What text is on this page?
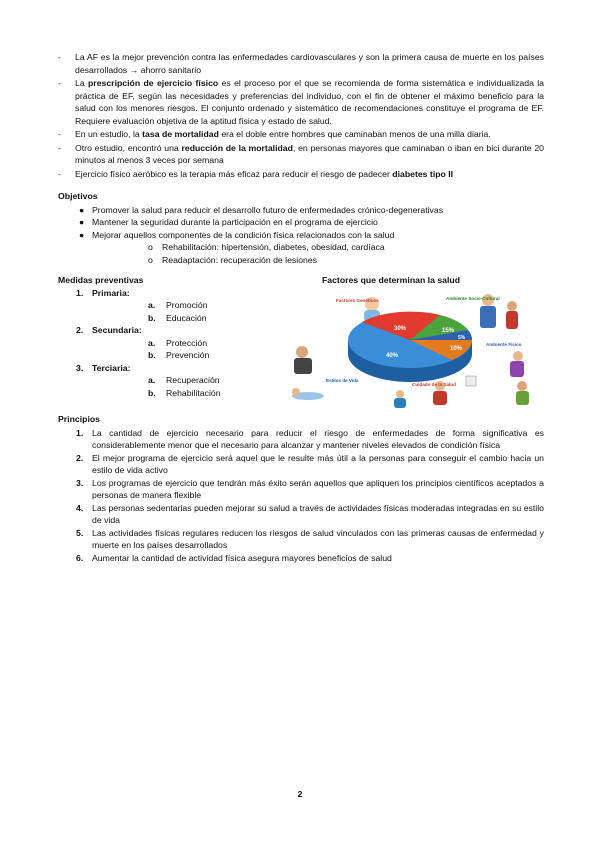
- La AF es la mejor prevención contra las enfermedades cardiovasculares y son la primera causa de muerte en los países desarrollados → ahorro sanitario
- La prescripción de ejercicio físico es el proceso por el que se recomienda de forma sistemática e individualizada la práctica de EF, según las necesidades y preferencias del individuo, con el fin de obtener el máximo beneficio para la salud con los menores riesgos. El conjunto ordenado y sistemático de recomendaciones constituye el programa de EF. Requiere evaluación objetiva de la aptitud física y estado de salud.
- En un estudio, la tasa de mortalidad era el doble entre hombres que caminaban menos de una milla diaria.
- Otro estudio, encontró una reducción de la mortalidad, en personas mayores que caminaban o iban en bici durante 20 minutos al menos 3 veces por semana
- Ejercicio físico aeróbico es la terapia más eficaz para reducir el riesgo de padecer diabetes tipo II
Objetivos
● Promover la salud para reducir el desarrollo futuro de enfermedades crónico-degenerativas
● Mantener la seguridad durante la participación en el programa de ejercicio
● Mejorar aquellos componentes de la condición física relacionados con la salud
o Rehabilitación: hipertensión, diabetes, obesidad, cardíaca
o Readaptación: recuperación de lesiones
Medidas preventivas
1. Primaria:
a. Promoción
b. Educación
2. Secundaria:
a. Protección
b. Prevención
3. Terciaria:
a. Recuperación
b. Rehabilitación
Factores que determinan la salud
30%	15%
5%
10%
40%
Factores Genéticos	Ambiente Socio-Cultural
Ambiente Físico
Estilos de Vida
Cuidado de la Salud
Principios
1. La cantidad de ejercicio necesario para reducir el riesgo de enfermedades de forma significativa es considerablemente menor que el necesario para alcanzar y mantener niveles elevados de condición física
2. El mejor programa de ejercicio será aquel que le resulte más útil a la personas para conseguir el cambio hacia un estilo de vida activo
3. Los programas de ejercicio que tendrán más éxito serán aquellos que apliquen los principios científicos aceptados a personas de manera flexible
4. Las personas sedentarias pueden mejorar su salud a través de actividades físicas moderadas integradas en su estilo de vida
5. Las actividades físicas regulares reducen los riesgos de salud vinculados con las primeras causas de enfermedad y muerte en los países desarrollados
6. Aumentar la cantidad de actividad física asegura mayores beneficios de salud
2
